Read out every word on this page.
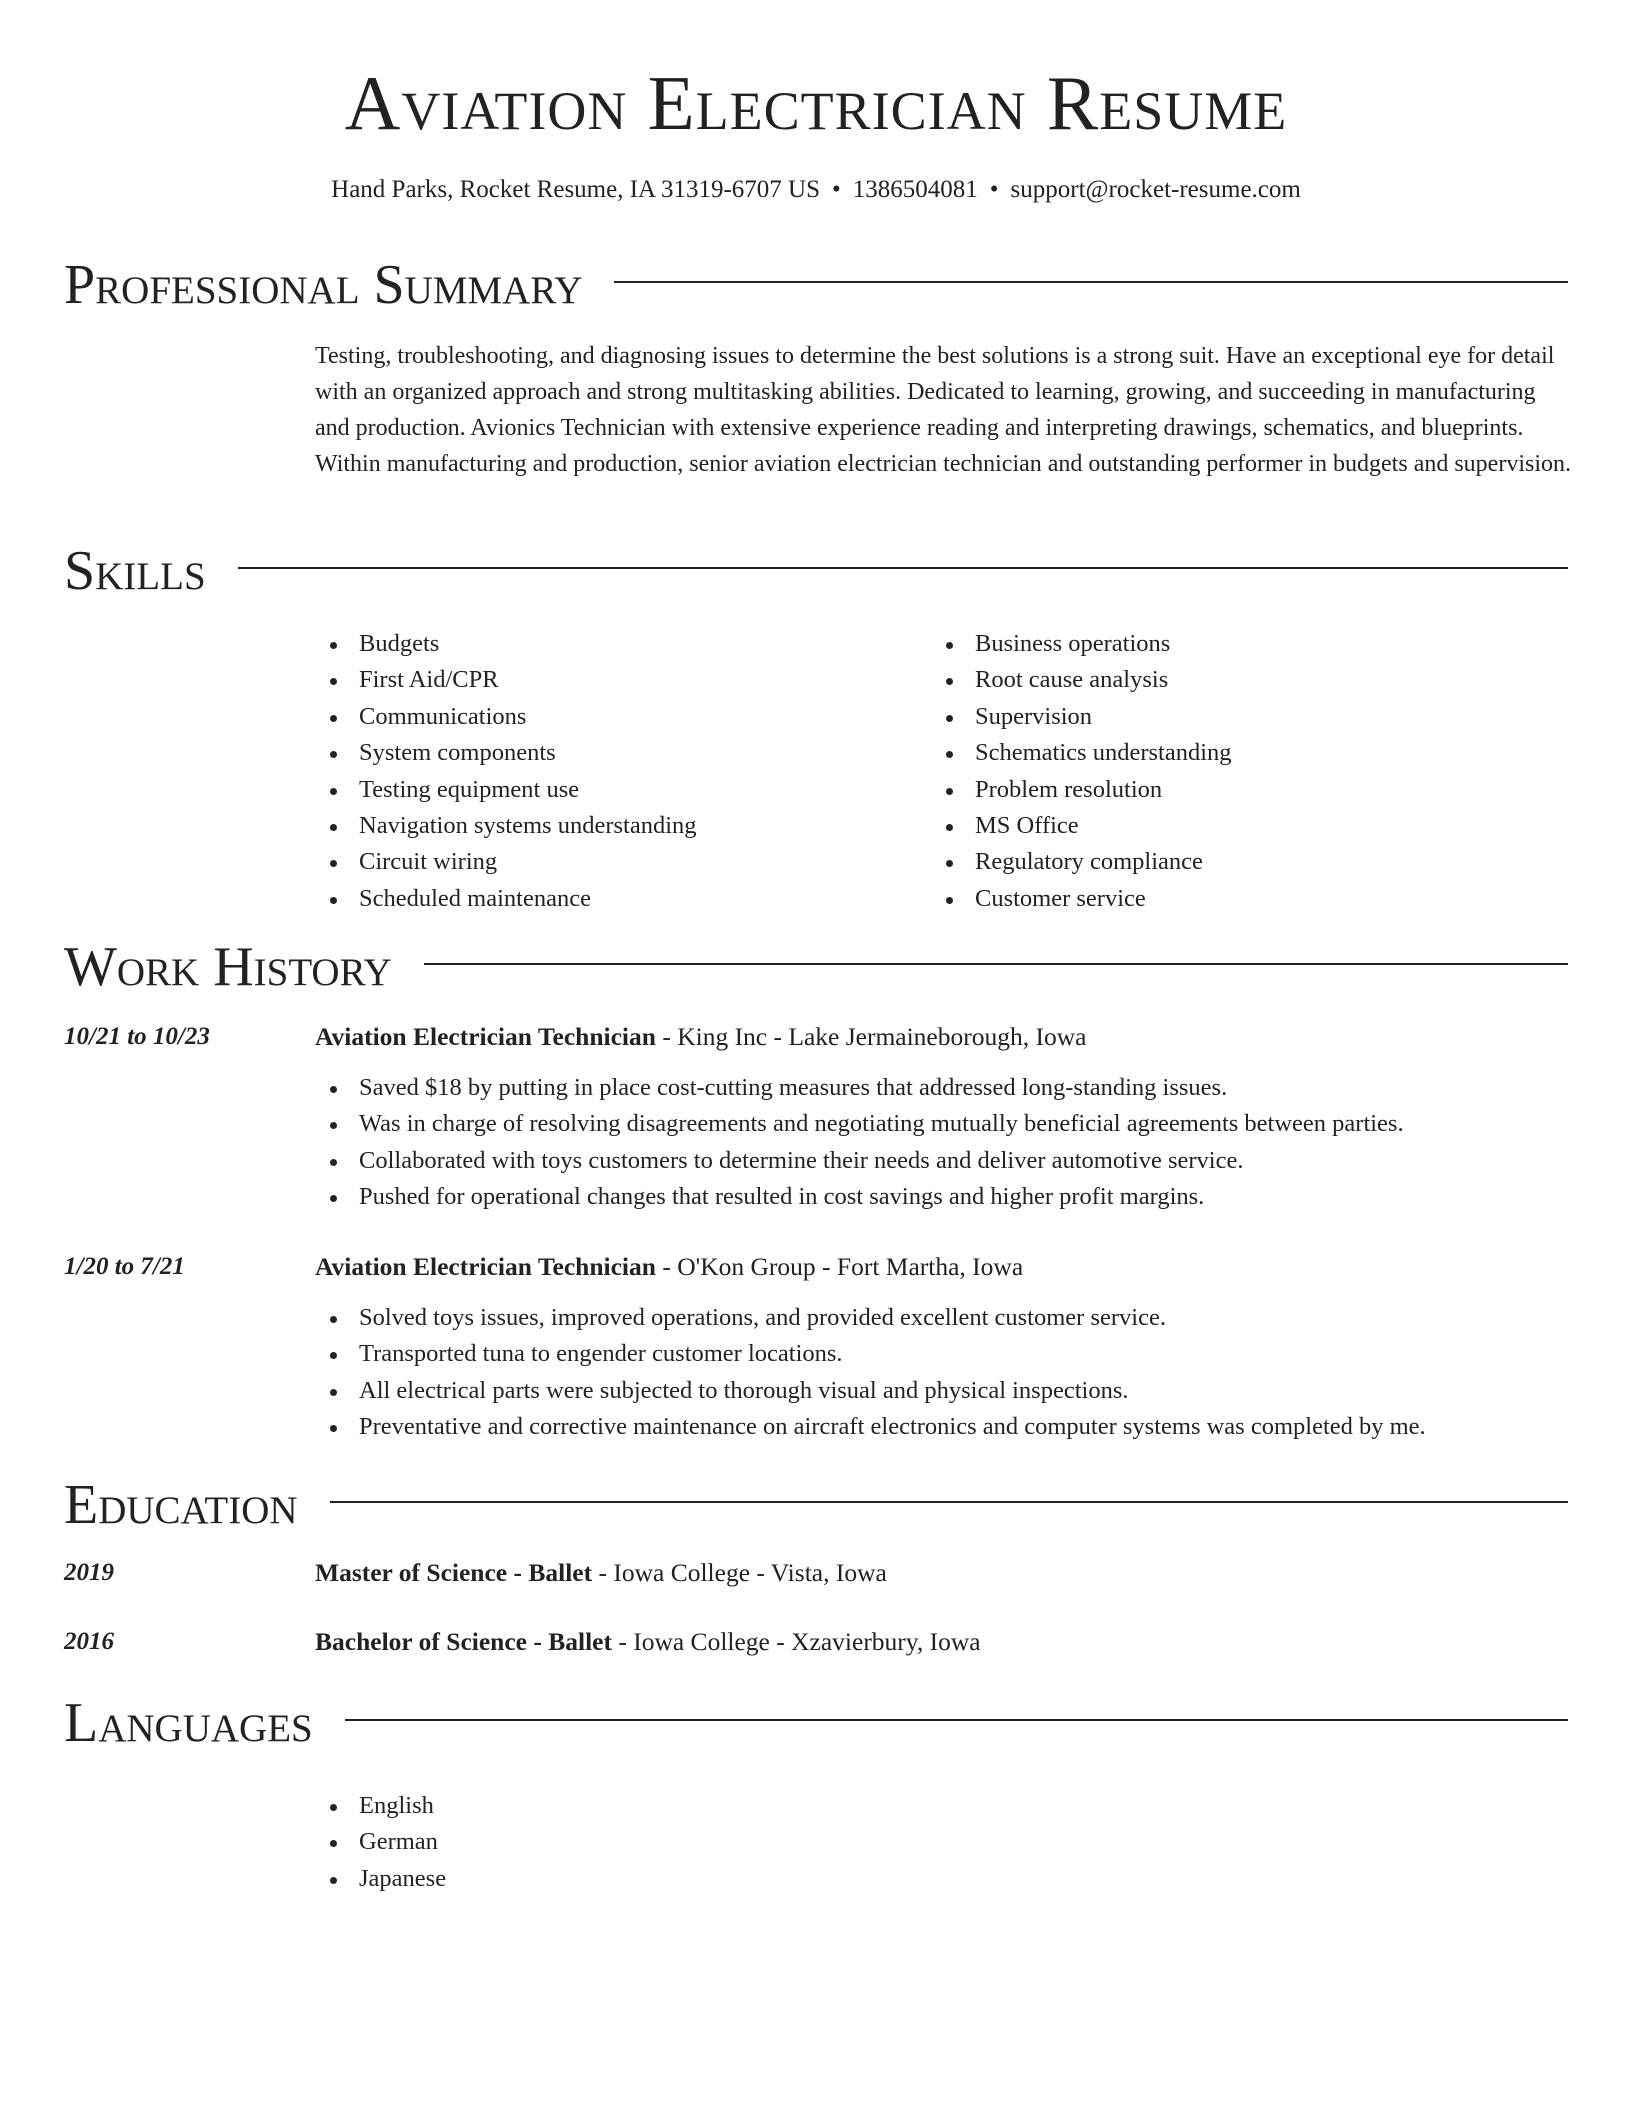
Aviation Electrician Resume
Hand Parks, Rocket Resume, IA 31319-6707 US • 1386504081 • support@rocket-resume.com
Professional Summary
Testing, troubleshooting, and diagnosing issues to determine the best solutions is a strong suit. Have an exceptional eye for detail with an organized approach and strong multitasking abilities. Dedicated to learning, growing, and succeeding in manufacturing and production. Avionics Technician with extensive experience reading and interpreting drawings, schematics, and blueprints. Within manufacturing and production, senior aviation electrician technician and outstanding performer in budgets and supervision.
Skills
Budgets
First Aid/CPR
Communications
System components
Testing equipment use
Navigation systems understanding
Circuit wiring
Scheduled maintenance
Business operations
Root cause analysis
Supervision
Schematics understanding
Problem resolution
MS Office
Regulatory compliance
Customer service
Work History
10/21 to 10/23	Aviation Electrician Technician - King Inc - Lake Jermaineborough, Iowa
Saved $18 by putting in place cost-cutting measures that addressed long-standing issues.
Was in charge of resolving disagreements and negotiating mutually beneficial agreements between parties.
Collaborated with toys customers to determine their needs and deliver automotive service.
Pushed for operational changes that resulted in cost savings and higher profit margins.
1/20 to 7/21	Aviation Electrician Technician - O'Kon Group - Fort Martha, Iowa
Solved toys issues, improved operations, and provided excellent customer service.
Transported tuna to engender customer locations.
All electrical parts were subjected to thorough visual and physical inspections.
Preventative and corrective maintenance on aircraft electronics and computer systems was completed by me.
Education
2019	Master of Science - Ballet - Iowa College - Vista, Iowa
2016	Bachelor of Science - Ballet - Iowa College - Xzavierbury, Iowa
Languages
English
German
Japanese
